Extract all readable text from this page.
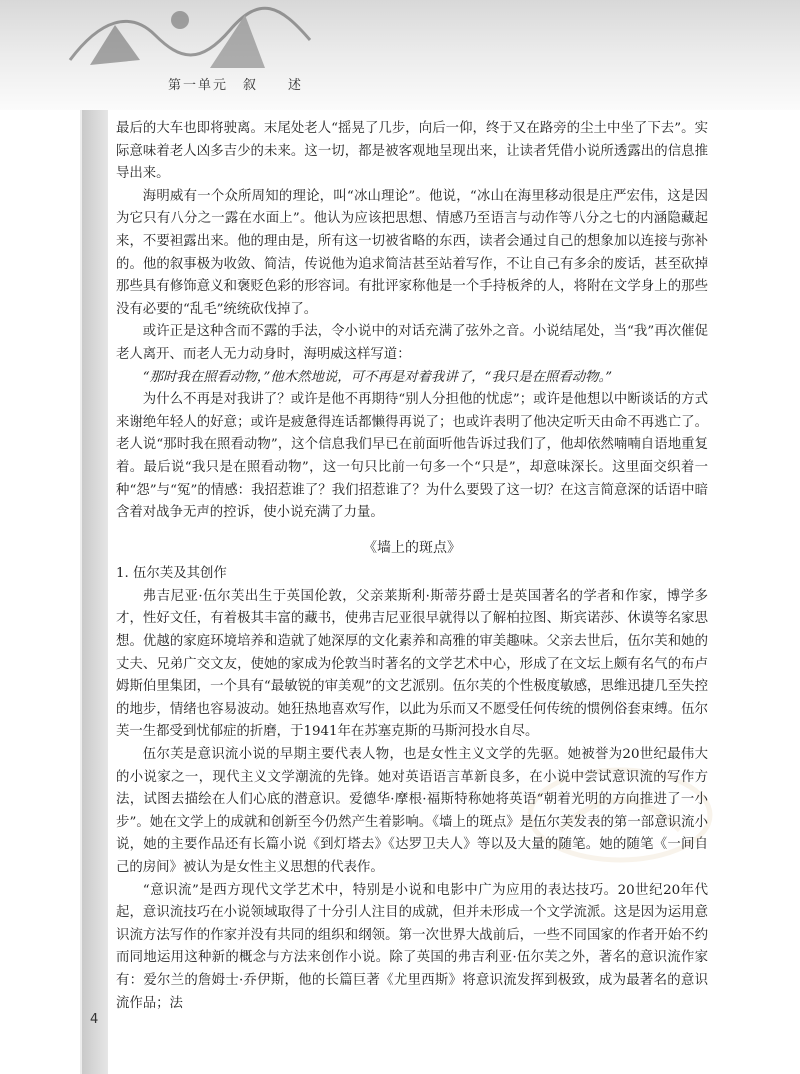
第一单元　叙　　述

最后的大车也即将驶离。末尾处老人“摇晃了几步，向后一仰，终于又在路旁的尘土中坐了下去”。实际意味着老人凶多吉少的未来。这一切，都是被客观地呈现出来，让读者凭借小说所透露出的信息推导出来。

海明威有一个众所周知的理论，叫“冰山理论”。他说，“冰山在海里移动很是庄严宏伟，这是因为它只有八分之一露在水面上”。他认为应该把思想、情感乃至语言与动作等八分之七的内涵隐藏起来，不要袒露出来。他的理由是，所有这一切被省略的东西，读者会通过自己的想象加以连接与弥补的。他的叙事极为收敛、简洁，传说他为追求简洁甚至站着写作，不让自己有多余的废话，甚至砍掉那些具有修饰意义和褒贬色彩的形容词。有批评家称他是一个手持板斧的人，将附在文学身上的那些没有必要的“乱毛”统统砍伐掉了。

或许正是这种含而不露的手法，令小说中的对话充满了弦外之音。小说结尾处，当“我”再次催促老人离开、而老人无力动身时，海明威这样写道：

“那时我在照看动物，”他木然地说，可不再是对着我讲了，“我只是在照看动物。”

为什么不再是对我讲了？或许是他不再期待“别人分担他的忧虑”；或许是他想以中断谈话的方式来谢绝年轻人的好意；或许是疲惫得连话都懒得再说了；也或许表明了他决定听天由命不再逃亡了。老人说“那时我在照看动物”，这个信息我们早已在前面听他告诉过我们了，他却依然喃喃自语地重复着。最后说“我只是在照看动物”，这一句只比前一句多一个“只是”，却意味深长。这里面交织着一种“怨”与“冤”的情感：我招惹谁了？我们招惹谁了？为什么要毁了这一切？在这言简意深的话语中暗含着对战争无声的控诉，使小说充满了力量。

《墙上的斑点》

1. 伍尔芙及其创作

弗吉尼亚·伍尔芙出生于英国伦敦，父亲莱斯利·斯蒂芬爵士是英国著名的学者和作家，博学多才，性好文任，有着极其丰富的藏书，使弗吉尼亚很早就得以了解柏拉图、斯宾诺莎、休谟等名家思想。优越的家庭环境培养和造就了她深厚的文化素养和高雅的审美趣味。父亲去世后，伍尔芙和她的丈夫、兄弟广交文友，使她的家成为伦敦当时著名的文学艺术中心，形成了在文坛上颇有名气的布卢姆斯伯里集团，一个具有“最敏锐的审美观”的文艺派别。伍尔芙的个性极度敏感，思维迅捷几至失控的地步，情绪也容易波动。她狂热地喜欢写作，以此为乐而又不愿受任何传统的惯例俗套束缚。伍尔芙一生都受到忧郁症的折磨，于1941年在苏塞克斯的马斯河投水自尽。

伍尔芙是意识流小说的早期主要代表人物，也是女性主义文学的先驱。她被誉为20世纪最伟大的小说家之一，现代主义文学潮流的先锋。她对英语语言革新良多，在小说中尝试意识流的写作方法，试图去描绘在人们心底的潜意识。爱德华·摩根·福斯特称她将英语“朝着光明的方向推进了一小步”。她在文学上的成就和创新至今仍然产生着影响。《墙上的斑点》是伍尔芙发表的第一部意识流小说，她的主要作品还有长篇小说《到灯塔去》《达罗卫夫人》等以及大量的随笔。她的随笔《一间自己的房间》被认为是女性主义思想的代表作。

“意识流”是西方现代文学艺术中，特别是小说和电影中广为应用的表达技巧。20世纪20年代起，意识流技巧在小说领域取得了十分引人注目的成就，但并未形成一个文学流派。这是因为运用意识流方法写作的作家并没有共同的组织和纲领。第一次世界大战前后，一些不同国家的作者开始不约而同地运用这种新的概念与方法来创作小说。除了英国的弗吉利亚·伍尔芙之外，著名的意识流作家有：爱尔兰的詹姆士·乔伊斯，他的长篇巨著《尤里西斯》将意识流发挥到极致，成为最著名的意识流作品；法

4
